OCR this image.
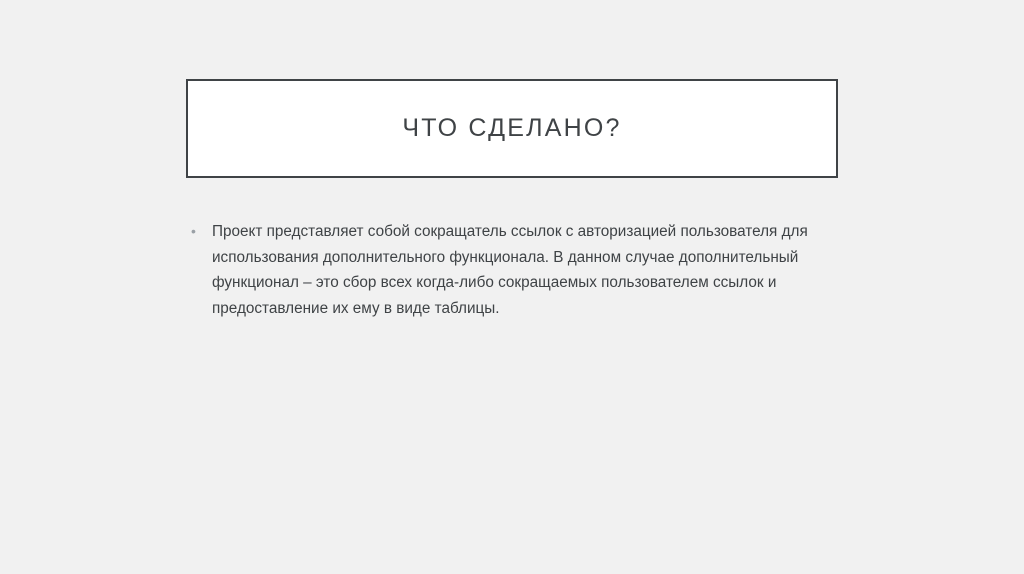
ЧТО СДЕЛАНО?
• Проект представляет собой сокращатель ссылок с авторизацией пользователя для использования дополнительного функционала. В данном случае дополнительный функционал – это сбор всех когда-либо сокращаемых пользователем ссылок и предоставление их ему в виде таблицы.
